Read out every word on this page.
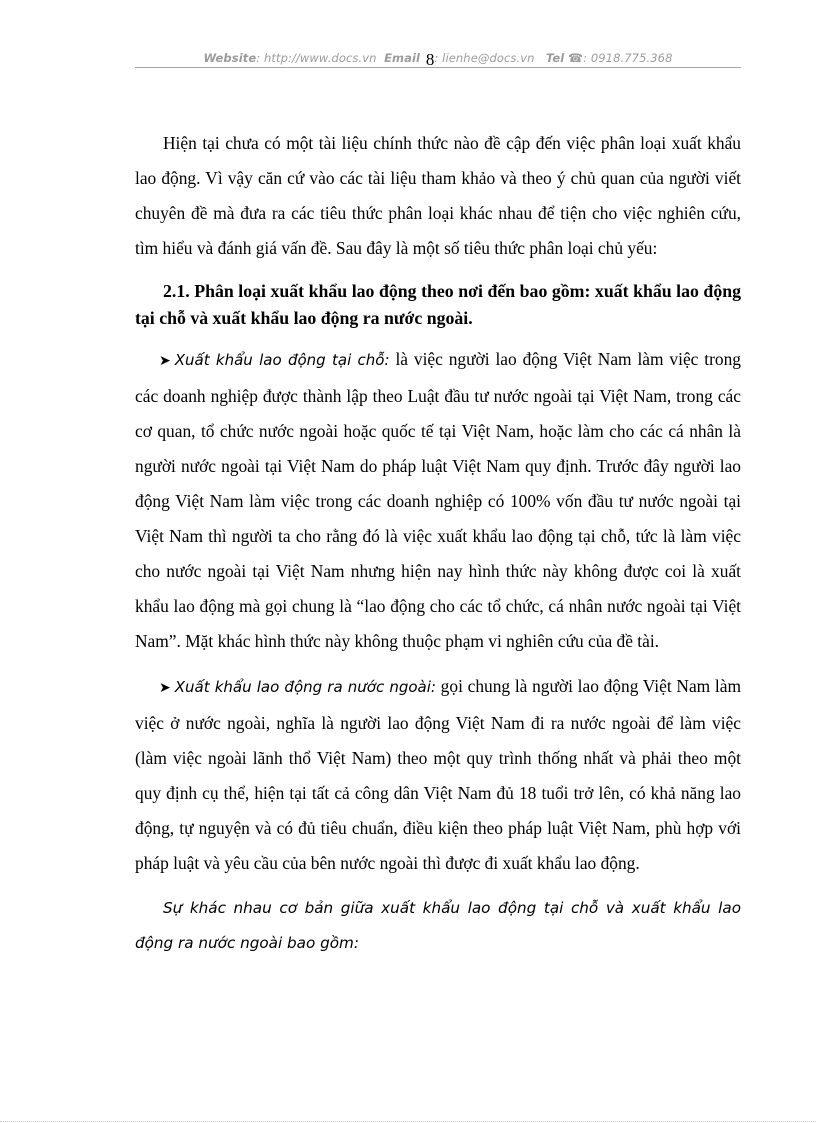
Website: http://www.docs.vn Email 8: lienhe@docs.vn Tel ☎: 0918.775.368

Hiện tại chưa có một tài liệu chính thức nào đề cập đến việc phân loại xuất khẩu lao động. Vì vậy căn cứ vào các tài liệu tham khảo và theo ý chủ quan của người viết chuyên đề mà đưa ra các tiêu thức phân loại khác nhau để tiện cho việc nghiên cứu, tìm hiểu và đánh giá vấn đề. Sau đây là một số tiêu thức phân loại chủ yếu:

2.1. Phân loại xuất khẩu lao động theo nơi đến bao gồm: xuất khẩu lao động tại chỗ và xuất khẩu lao động ra nước ngoài.

➤ Xuất khẩu lao động tại chỗ: là việc người lao động Việt Nam làm việc trong các doanh nghiệp được thành lập theo Luật đầu tư nước ngoài tại Việt Nam, trong các cơ quan, tổ chức nước ngoài hoặc quốc tế tại Việt Nam, hoặc làm cho các cá nhân là người nước ngoài tại Việt Nam do pháp luật Việt Nam quy định. Trước đây người lao động Việt Nam làm việc trong các doanh nghiệp có 100% vốn đầu tư nước ngoài tại Việt Nam thì người ta cho rằng đó là việc xuất khẩu lao động tại chỗ, tức là làm việc cho nước ngoài tại Việt Nam nhưng hiện nay hình thức này không được coi là xuất khẩu lao động mà gọi chung là “lao động cho các tổ chức, cá nhân nước ngoài tại Việt Nam”. Mặt khác hình thức này không thuộc phạm vi nghiên cứu của đề tài.

➤ Xuất khẩu lao động ra nước ngoài: gọi chung là người lao động Việt Nam làm việc ở nước ngoài, nghĩa là người lao động Việt Nam đi ra nước ngoài để làm việc (làm việc ngoài lãnh thổ Việt Nam) theo một quy trình thống nhất và phải theo một quy định cụ thể, hiện tại tất cả công dân Việt Nam đủ 18 tuổi trở lên, có khả năng lao động, tự nguyện và có đủ tiêu chuẩn, điều kiện theo pháp luật Việt Nam, phù hợp với pháp luật và yêu cầu của bên nước ngoài thì được đi xuất khẩu lao động.

Sự khác nhau cơ bản giữa xuất khẩu lao động tại chỗ và xuất khẩu lao động ra nước ngoài bao gồm:
